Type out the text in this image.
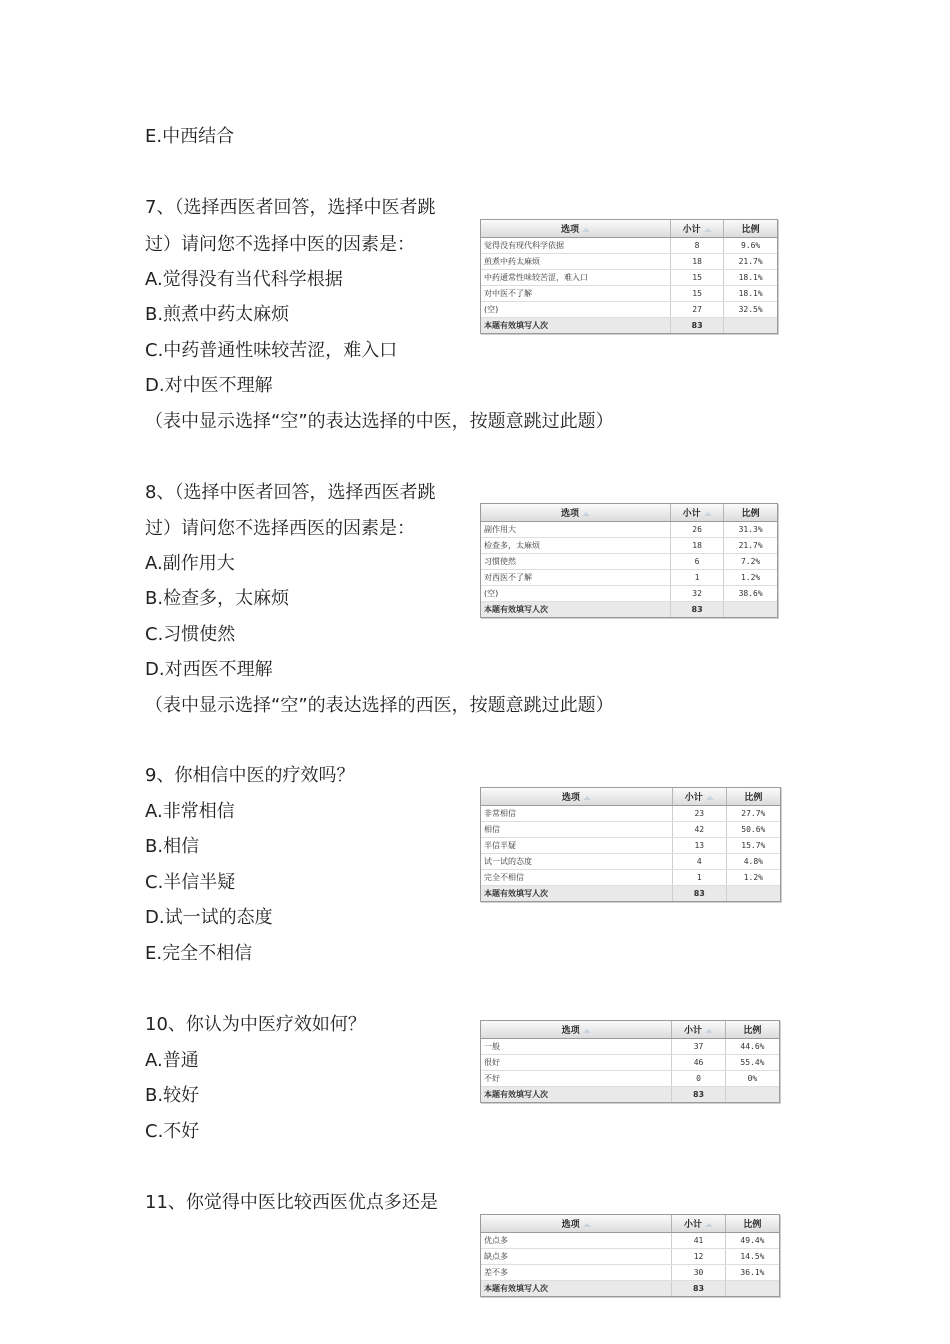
E.中西结合
7、（选择西医者回答，选择中医者跳
过）请问您不选择中医的因素是：
A.觉得没有当代科学根据
B.煎煮中药太麻烦
C.中药普通性味较苦涩，难入口
D.对中医不理解
（表中显示选择“空”的表达选择的中医，按题意跳过此题）
选项	小计	比例
觉得没有现代科学依据	8	9.6%
煎煮中药太麻烦	18	21.7%
中药通常性味较苦涩，难入口	15	18.1%
对中医不了解	15	18.1%
(空)	27	32.5%
本题有效填写人次	83	
8、（选择中医者回答，选择西医者跳
过）请问您不选择西医的因素是：
A.副作用大
B.检查多，太麻烦
C.习惯使然
D.对西医不理解
（表中显示选择“空”的表达选择的西医，按题意跳过此题）
选项	小计	比例
副作用大	26	31.3%
检查多，太麻烦	18	21.7%
习惯使然	6	7.2%
对西医不了解	1	1.2%
(空)	32	38.6%
本题有效填写人次	83	
9、你相信中医的疗效吗？
A.非常相信
B.相信
C.半信半疑
D.试一试的态度
E.完全不相信
选项	小计	比例
非常相信	23	27.7%
相信	42	50.6%
半信半疑	13	15.7%
试一试的态度	4	4.8%
完全不相信	1	1.2%
本题有效填写人次	83	
10、你认为中医疗效如何？
A.普通
B.较好
C.不好
选项	小计	比例
一般	37	44.6%
很好	46	55.4%
不好	0	0%
本题有效填写人次	83	
11、你觉得中医比较西医优点多还是
选项	小计	比例
优点多	41	49.4%
缺点多	12	14.5%
差不多	30	36.1%
本题有效填写人次	83	
